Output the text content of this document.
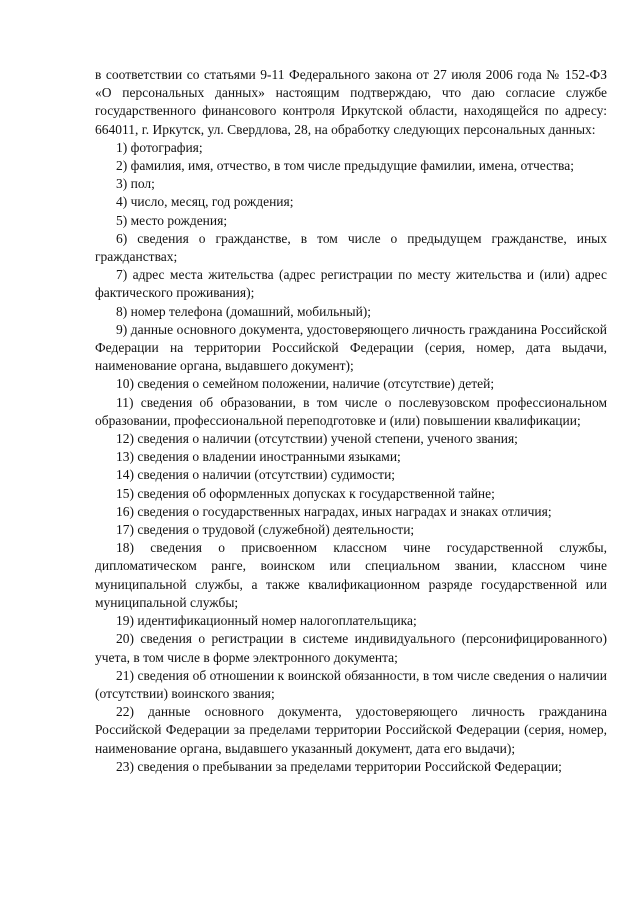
в соответствии со статьями 9-11 Федерального закона от 27 июля 2006 года № 152-ФЗ «О персональных данных» настоящим подтверждаю, что даю согласие службе государственного финансового контроля Иркутской области, находящейся по адресу: 664011, г. Иркутск, ул. Свердлова, 28, на обработку следующих персональных данных:

1) фотография;

2) фамилия, имя, отчество, в том числе предыдущие фамилии, имена, отчества;

3) пол;

4) число, месяц, год рождения;

5) место рождения;

6) сведения о гражданстве, в том числе о предыдущем гражданстве, иных гражданствах;

7) адрес места жительства (адрес регистрации по месту жительства и (или) адрес фактического проживания);

8) номер телефона (домашний, мобильный);

9) данные основного документа, удостоверяющего личность гражданина Российской Федерации на территории Российской Федерации (серия, номер, дата выдачи, наименование органа, выдавшего документ);

10) сведения о семейном положении, наличие (отсутствие) детей;

11) сведения об образовании, в том числе о послевузовском профессиональном образовании, профессиональной переподготовке и (или) повышении квалификации;

12) сведения о наличии (отсутствии) ученой степени, ученого звания;

13) сведения о владении иностранными языками;

14) сведения о наличии (отсутствии) судимости;

15) сведения об оформленных допусках к государственной тайне;

16) сведения о государственных наградах, иных наградах и знаках отличия;

17) сведения о трудовой (служебной) деятельности;

18) сведения о присвоенном классном чине государственной службы, дипломатическом ранге, воинском или специальном звании, классном чине муниципальной службы, а также квалификационном разряде государственной или муниципальной службы;

19) идентификационный номер налогоплательщика;

20) сведения о регистрации в системе индивидуального (персонифицированного) учета, в том числе в форме электронного документа;

21) сведения об отношении к воинской обязанности, в том числе сведения о наличии (отсутствии) воинского звания;

22) данные основного документа, удостоверяющего личность гражданина Российской Федерации за пределами территории Российской Федерации (серия, номер, наименование органа, выдавшего указанный документ, дата его выдачи);

23) сведения о пребывании за пределами территории Российской Федерации;
